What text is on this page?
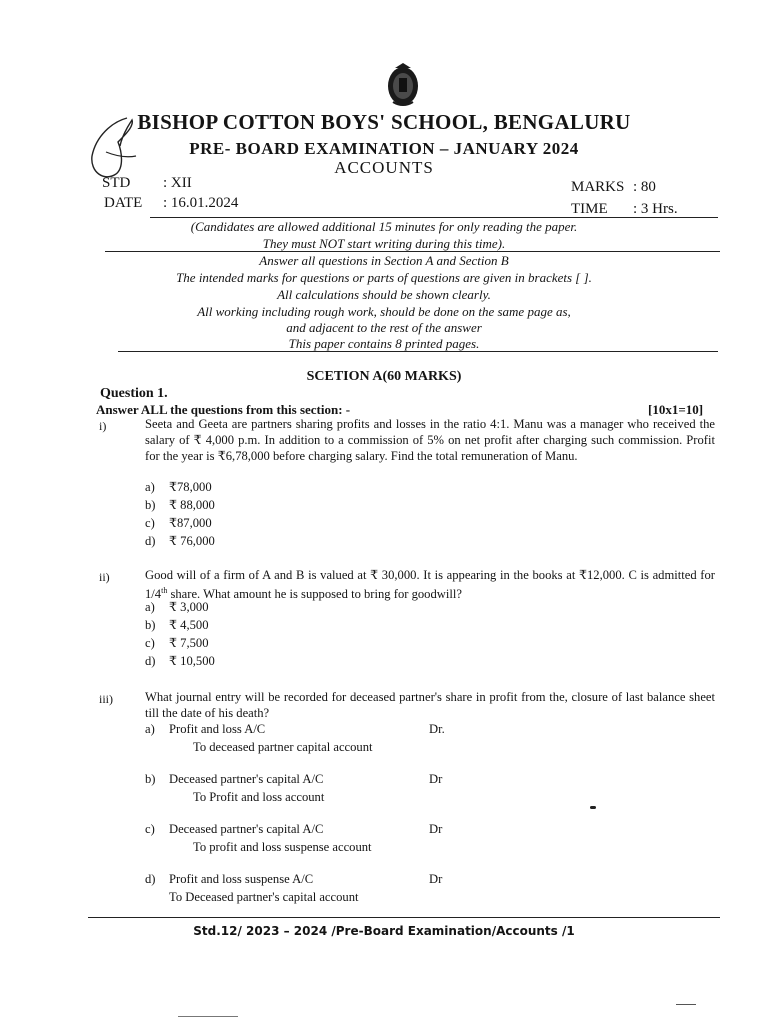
BISHOP COTTON BOYS' SCHOOL, BENGALURU
PRE- BOARD EXAMINATION – JANUARY 2024
ACCOUNTS
STD : XII
DATE : 16.01.2024
MARKS : 80
TIME : 3 Hrs.
(Candidates are allowed additional 15 minutes for only reading the paper.
They must NOT start writing during this time).
Answer all questions in Section A and Section B
The intended marks for questions or parts of questions are given in brackets [ ].
All calculations should be shown clearly.
All working including rough work, should be done on the same page as,
and adjacent to the rest of the answer
This paper contains 8 printed pages.
SCETION A(60 MARKS)
Question 1.
Answer ALL the questions from this section: -	[10x1=10]
i)	Seeta and Geeta are partners sharing profits and losses in the ratio 4:1. Manu was a manager who received the salary of ₹ 4,000 p.m. In addition to a commission of 5% on net profit after charging such commission. Profit for the year is ₹6,78,000 before charging salary. Find the total remuneration of Manu.
a)	₹78,000
b)	₹ 88,000
c)	₹87,000
d)	₹ 76,000
ii)	Good will of a firm of A and B is valued at ₹ 30,000. It is appearing in the books at ₹12,000. C is admitted for 1/4th share. What amount he is supposed to bring for goodwill?
a)	₹ 3,000
b)	₹ 4,500
c)	₹ 7,500
d)	₹ 10,500
iii)	What journal entry will be recorded for deceased partner's share in profit from the, closure of last balance sheet till the date of his death?
a)	Profit and loss A/C	Dr.
To deceased partner capital account
b)	Deceased partner's capital A/C	Dr
To Profit and loss account
c)	Deceased partner's capital A/C	Dr
To profit and loss suspense account
d)	Profit and loss suspense A/C	Dr
To Deceased partner's capital account
Std.12/ 2023 – 2024 /Pre-Board Examination/Accounts /1
